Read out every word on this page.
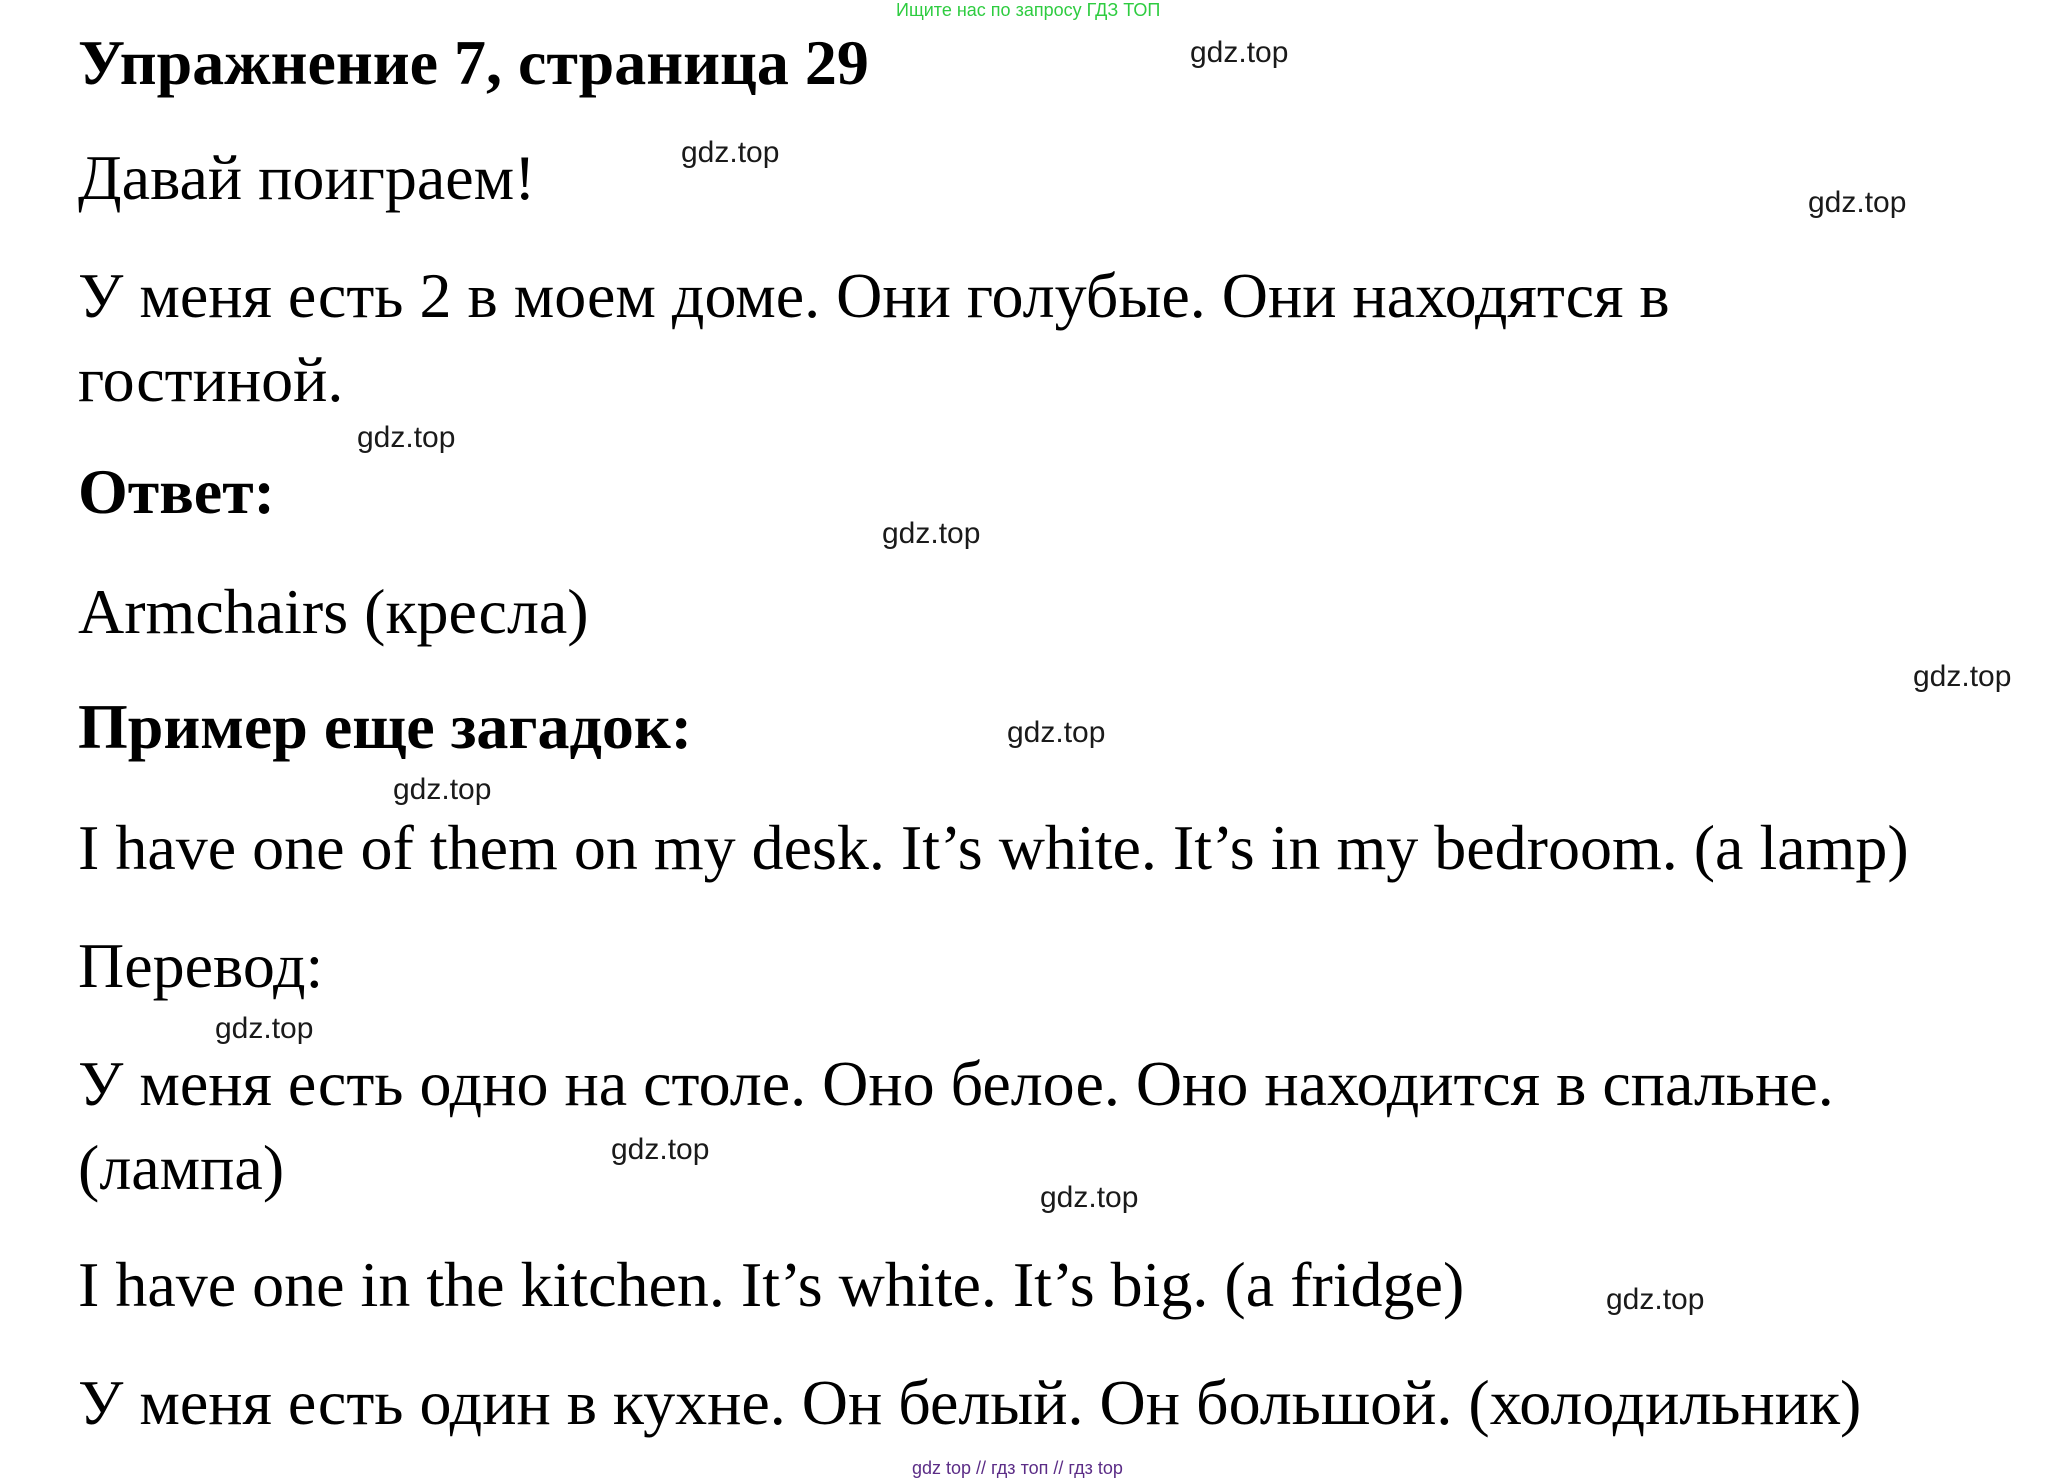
Ищите нас по запросу ГДЗ ТОП
Упражнение 7, страница 29
Давай поиграем!
У меня есть 2 в моем доме. Они голубые. Они находятся в
гостиной.
Ответ:
Armchairs (кресла)
Пример еще загадок:
I have one of them on my desk. It’s white. It’s in my bedroom. (a lamp)
Перевод:
У меня есть одно на столе. Оно белое. Оно находится в спальне.
(лампа)
I have one in the kitchen. It’s white. It’s big. (a fridge)
У меня есть один в кухне. Он белый. Он большой. (холодильник)
gdz.top
gdz.top
gdz.top
gdz.top
gdz.top
gdz.top
gdz.top
gdz.top
gdz.top
gdz.top
gdz.top
gdz.top
gdz top // гдз топ // гдз top
